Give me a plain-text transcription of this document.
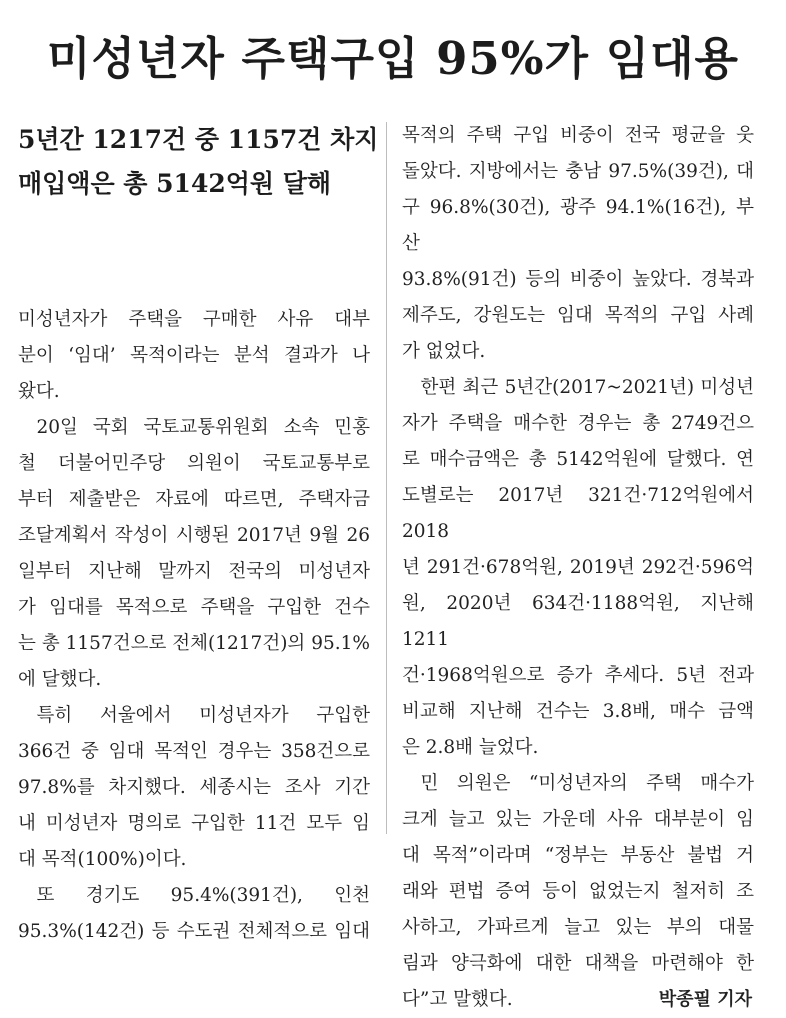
미성년자 주택구입 95%가 임대용
5년간 1217건 중 1157건 차지
매입액은 총 5142억원 달해
미성년자가 주택을 구매한 사유 대부
분이 ‘임대’ 목적이라는 분석 결과가 나
왔다.
20일 국회 국토교통위원회 소속 민홍
철 더불어민주당 의원이 국토교통부로
부터 제출받은 자료에 따르면, 주택자금
조달계획서 작성이 시행된 2017년 9월 26
일부터 지난해 말까지 전국의 미성년자
가 임대를 목적으로 주택을 구입한 건수
는 총 1157건으로 전체(1217건)의 95.1%
에 달했다.
특히 서울에서 미성년자가 구입한
366건 중 임대 목적인 경우는 358건으로
97.8%를 차지했다. 세종시는 조사 기간
내 미성년자 명의로 구입한 11건 모두 임
대 목적(100%)이다.
또 경기도 95.4%(391건), 인천
95.3%(142건) 등 수도권 전체적으로 임대
목적의 주택 구입 비중이 전국 평균을 웃
돌았다. 지방에서는 충남 97.5%(39건), 대
구 96.8%(30건), 광주 94.1%(16건), 부산
93.8%(91건) 등의 비중이 높았다. 경북과
제주도, 강원도는 임대 목적의 구입 사례
가 없었다.
한편 최근 5년간(2017~2021년) 미성년
자가 주택을 매수한 경우는 총 2749건으
로 매수금액은 총 5142억원에 달했다. 연
도별로는 2017년 321건·712억원에서 2018
년 291건·678억원, 2019년 292건·596억
원, 2020년 634건·1188억원, 지난해 1211
건·1968억원으로 증가 추세다. 5년 전과
비교해 지난해 건수는 3.8배, 매수 금액
은 2.8배 늘었다.
민 의원은 “미성년자의 주택 매수가
크게 늘고 있는 가운데 사유 대부분이 임
대 목적”이라며 “정부는 부동산 불법 거
래와 편법 증여 등이 없었는지 철저히 조
사하고, 가파르게 늘고 있는 부의 대물
림과 양극화에 대한 대책을 마련해야 한
다”고 말했다.	박종필 기자
